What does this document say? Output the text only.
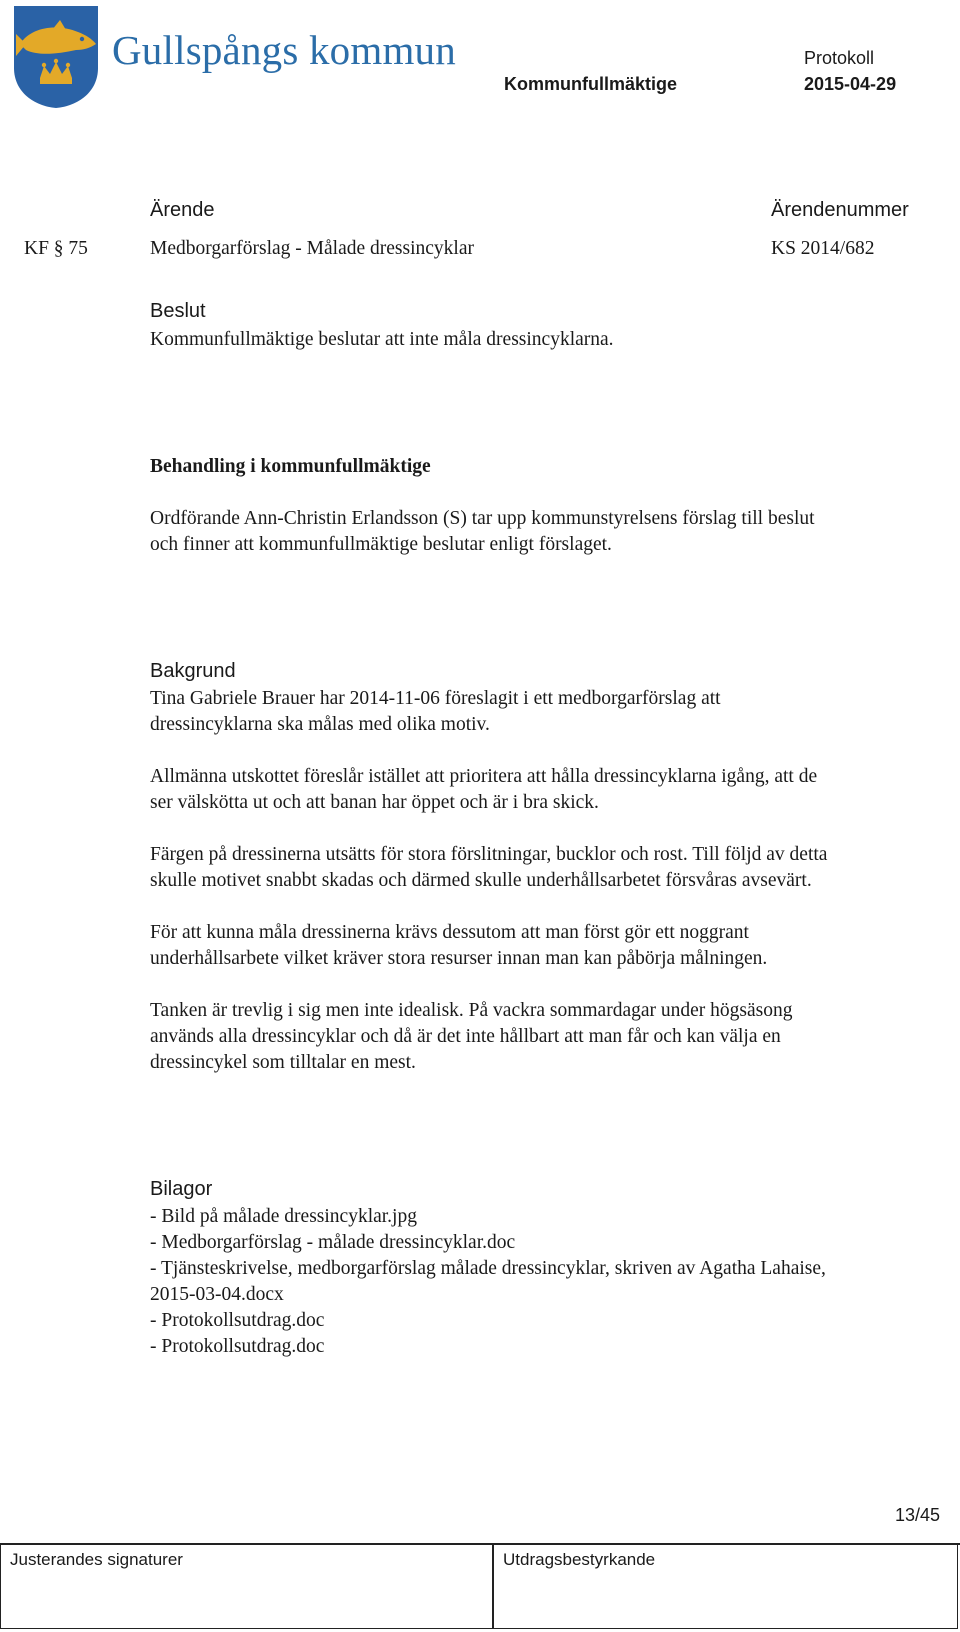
Gullspångs kommun	Protokoll
Kommunfullmäktige	2015-04-29
Ärende	Ärendenummer
KF § 75	Medborgarförslag - Målade dressincyklar	KS 2014/682
Beslut
Kommunfullmäktige beslutar att inte måla dressincyklarna.
Behandling i kommunfullmäktige
Ordförande Ann-Christin Erlandsson (S) tar upp kommunstyrelsens förslag till beslut
och finner att kommunfullmäktige beslutar enligt förslaget.
Bakgrund
Tina Gabriele Brauer har 2014-11-06 föreslagit i ett medborgarförslag att
dressincyklarna ska målas med olika motiv.
Allmänna utskottet föreslår istället att prioritera att hålla dressincyklarna igång, att de
ser välskötta ut och att banan har öppet och är i bra skick.
Färgen på dressinerna utsätts för stora förslitningar, bucklor och rost. Till följd av detta
skulle motivet snabbt skadas och därmed skulle underhållsarbetet försvåras avsevärt.
För att kunna måla dressinerna krävs dessutom att man först gör ett noggrant
underhållsarbete vilket kräver stora resurser innan man kan påbörja målningen.
Tanken är trevlig i sig men inte idealisk. På vackra sommardagar under högsäsong
används alla dressincyklar och då är det inte hållbart att man får och kan välja en
dressincykel som tilltalar en mest.
Bilagor
- Bild på målade dressincyklar.jpg
- Medborgarförslag - målade dressincyklar.doc
- Tjänsteskrivelse, medborgarförslag målade dressincyklar, skriven av Agatha Lahaise,
2015-03-04.docx
- Protokollsutdrag.doc
- Protokollsutdrag.doc
13/45
Justerandes signaturer	Utdragsbestyrkande
